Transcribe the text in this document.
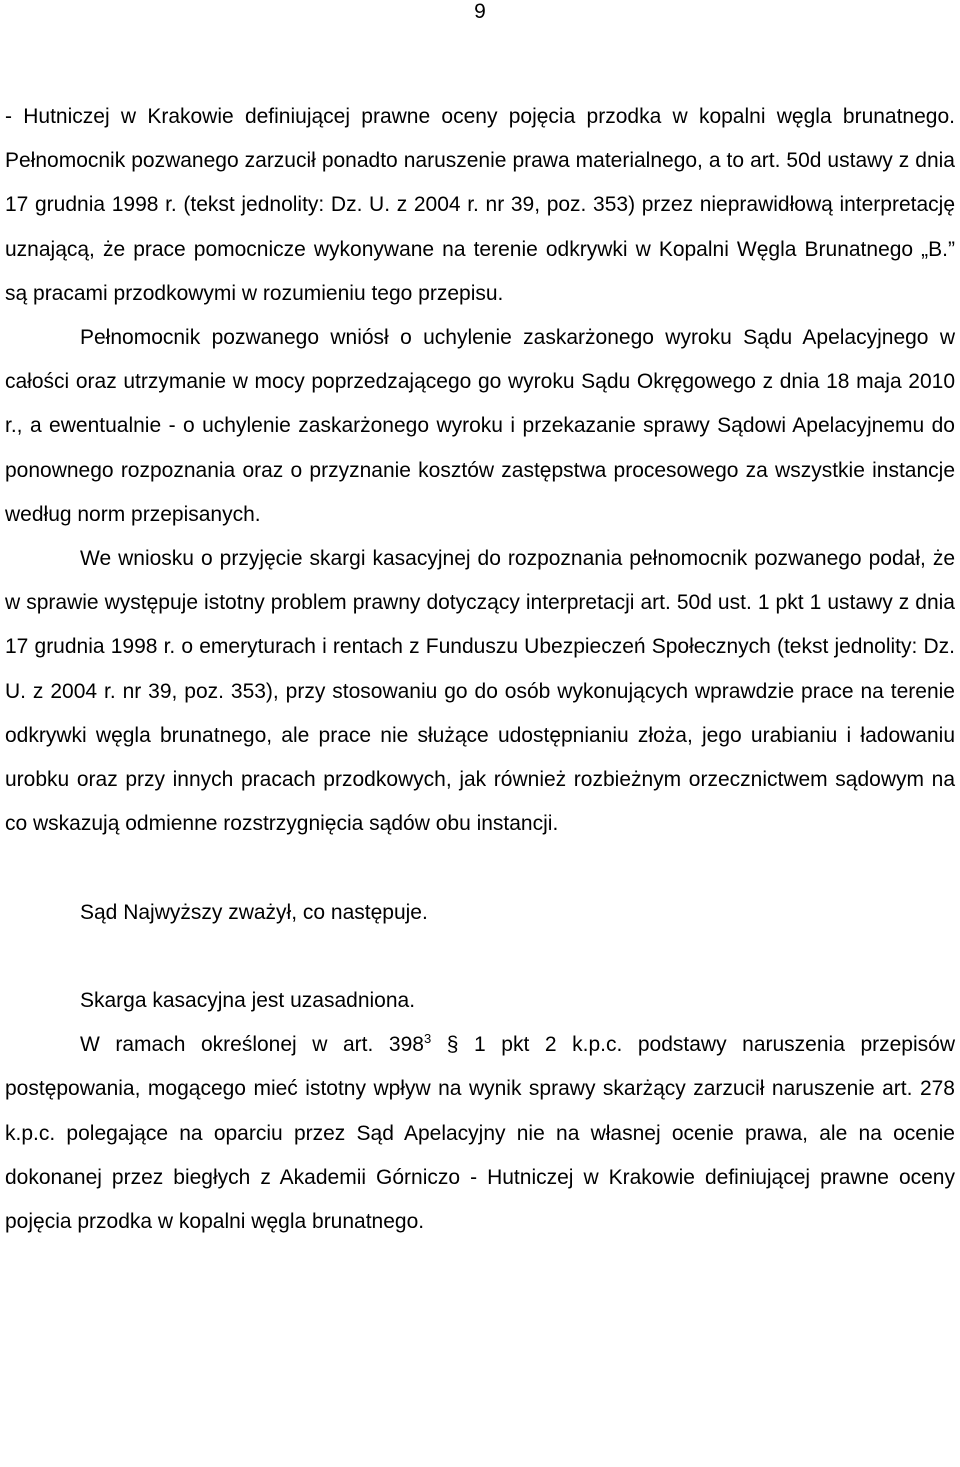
9

- Hutniczej w Krakowie definiującej prawne oceny pojęcia przodka w kopalni węgla brunatnego. Pełnomocnik pozwanego zarzucił ponadto naruszenie prawa materialnego, a to art. 50d ustawy z dnia 17 grudnia 1998 r. (tekst jednolity: Dz. U. z 2004 r. nr 39, poz. 353) przez nieprawidłową interpretację uznającą, że prace pomocnicze wykonywane na terenie odkrywki w Kopalni Węgla Brunatnego „B.” są pracami przodkowymi w rozumieniu tego przepisu.

Pełnomocnik pozwanego wniósł o uchylenie zaskarżonego wyroku Sądu Apelacyjnego w całości oraz utrzymanie w mocy poprzedzającego go wyroku Sądu Okręgowego z dnia 18 maja 2010 r., a ewentualnie - o uchylenie zaskarżonego wyroku i przekazanie sprawy Sądowi Apelacyjnemu do ponownego rozpoznania oraz o przyznanie kosztów zastępstwa procesowego za wszystkie instancje według norm przepisanych.

We wniosku o przyjęcie skargi kasacyjnej do rozpoznania pełnomocnik pozwanego podał, że w sprawie występuje istotny problem prawny dotyczący interpretacji art. 50d ust. 1 pkt 1 ustawy z dnia 17 grudnia 1998 r. o emeryturach i rentach z Funduszu Ubezpieczeń Społecznych (tekst jednolity: Dz. U. z 2004 r. nr 39, poz. 353), przy stosowaniu go do osób wykonujących wprawdzie prace na terenie odkrywki węgla brunatnego, ale prace nie służące udostępnianiu złoża, jego urabianiu i ładowaniu urobku oraz przy innych pracach przodkowych, jak również rozbieżnym orzecznictwem sądowym na co wskazują odmienne rozstrzygnięcia sądów obu instancji.

Sąd Najwyższy zważył, co następuje.

Skarga kasacyjna jest uzasadniona.

W ramach określonej w art. $398^3$ § 1 pkt 2 k.p.c. podstawy naruszenia przepisów postępowania, mogącego mieć istotny wpływ na wynik sprawy skarżący zarzucił naruszenie art. 278 k.p.c. polegające na oparciu przez Sąd Apelacyjny nie na własnej ocenie prawa, ale na ocenie dokonanej przez biegłych z Akademii Górniczo - Hutniczej w Krakowie definiującej prawne oceny pojęcia przodka w kopalni węgla brunatnego.
